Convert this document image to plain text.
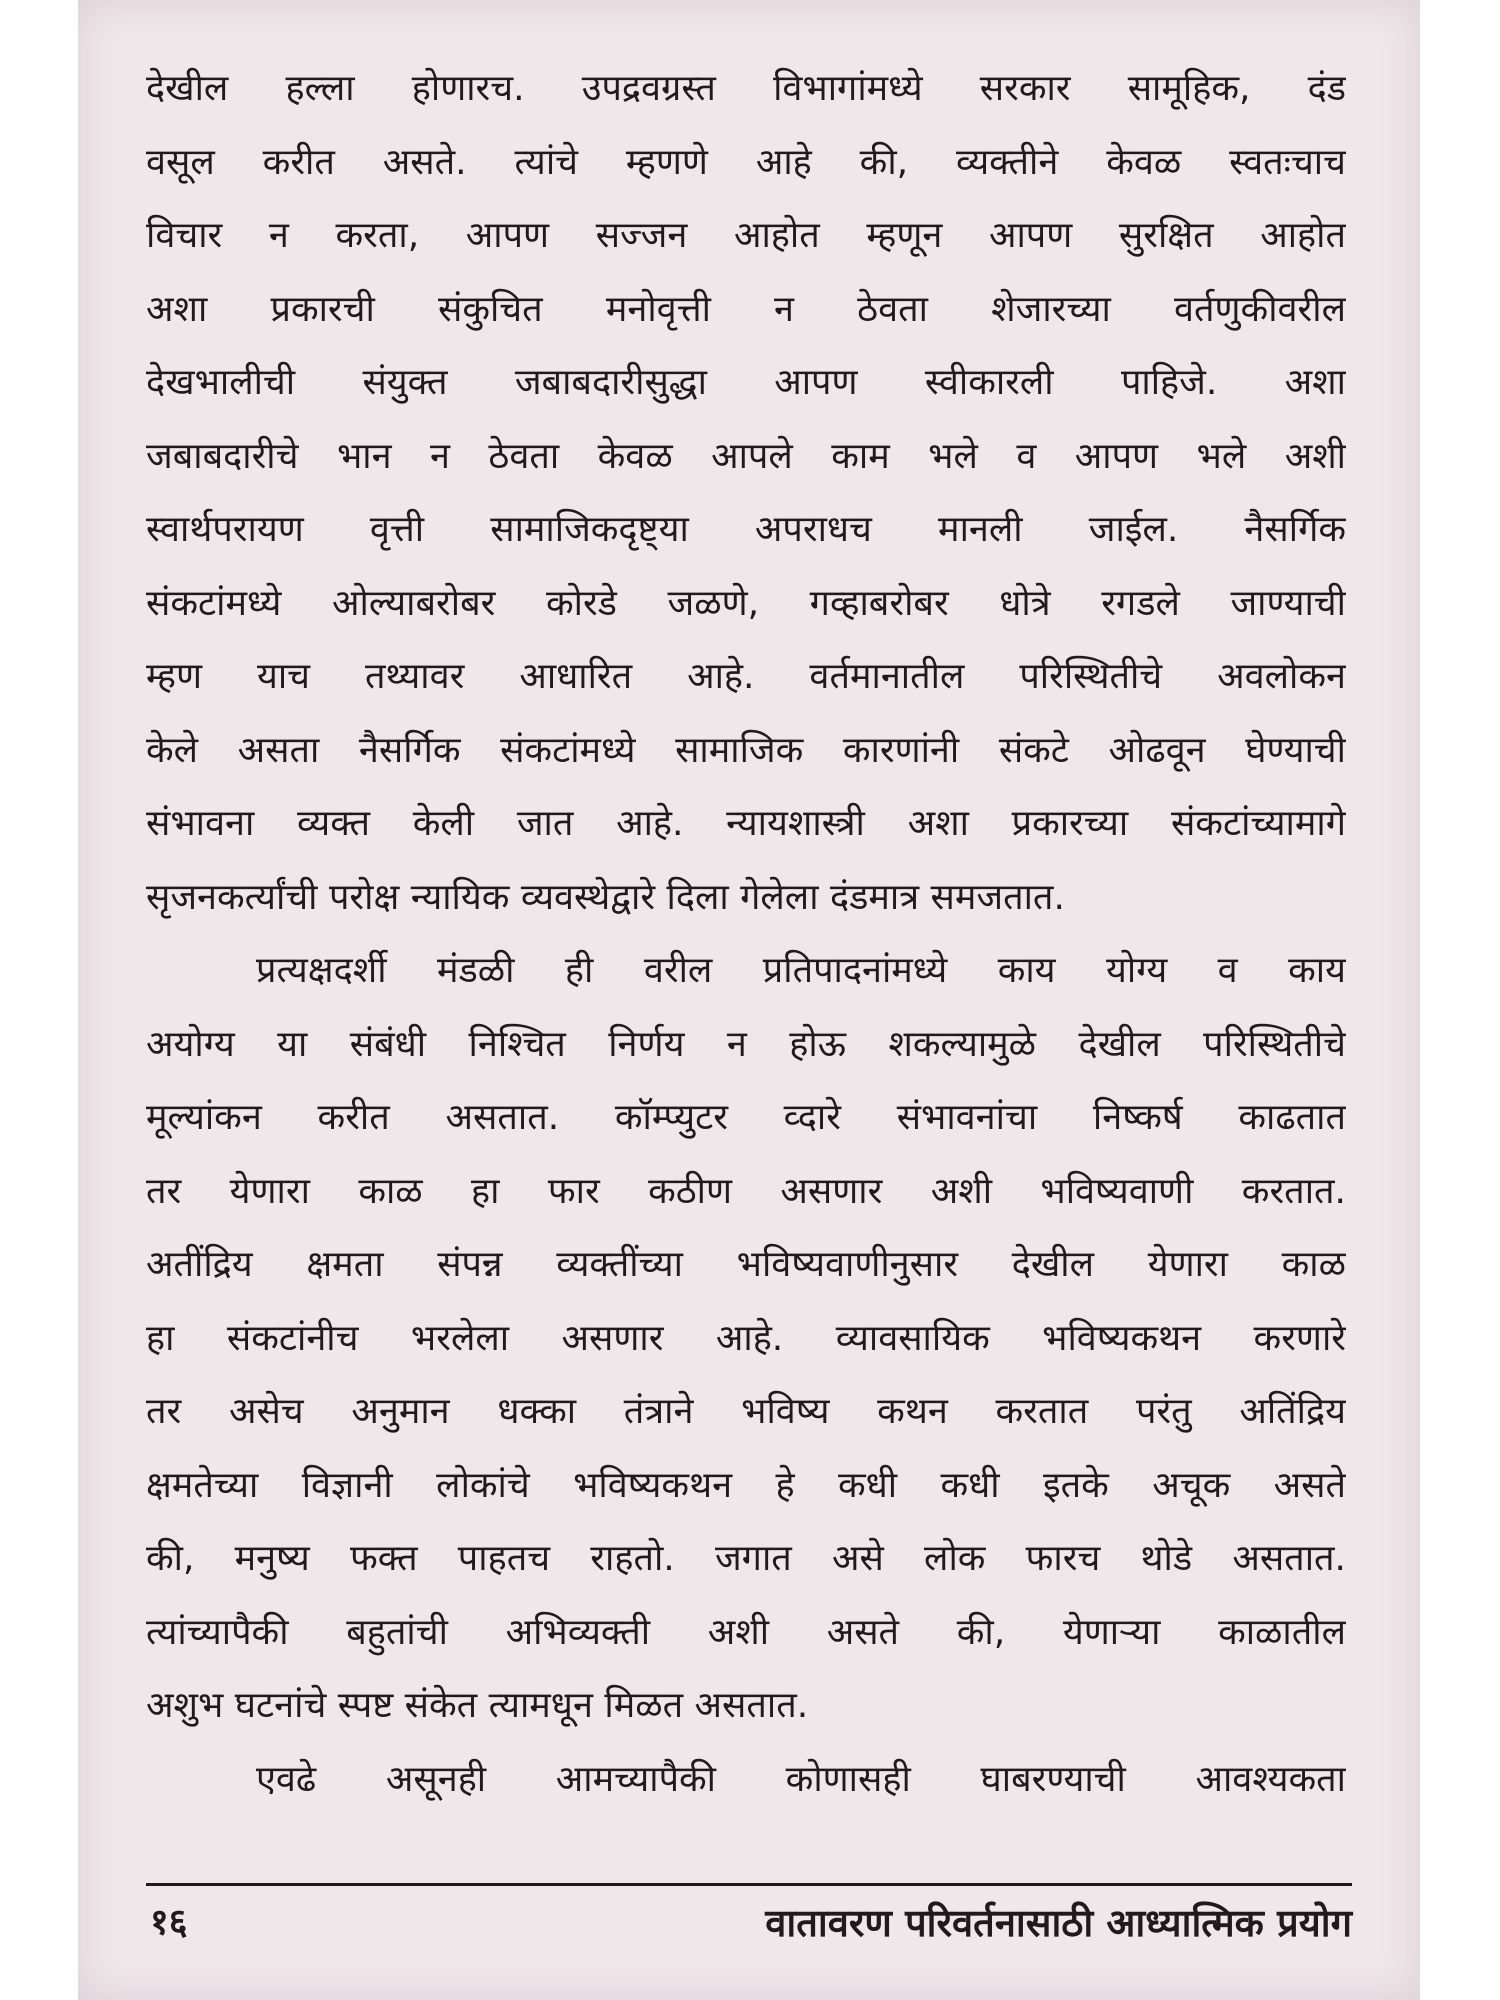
देखील हल्ला होणारच. उपद्रवग्रस्त विभागांमध्ये सरकार सामूहिक, दंड
वसूल करीत असते. त्यांचे म्हणणे आहे की, व्यक्तीने केवळ स्वतःचाच
विचार न करता, आपण सज्जन आहोत म्हणून आपण सुरक्षित आहोत
अशा प्रकारची संकुचित मनोवृत्ती न ठेवता शेजारच्या वर्तणुकीवरील
देखभालीची संयुक्त जबाबदारीसुद्धा आपण स्वीकारली पाहिजे. अशा
जबाबदारीचे भान न ठेवता केवळ आपले काम भले व आपण भले अशी
स्वार्थपरायण वृत्ती सामाजिकदृष्ट्या अपराधच मानली जाईल. नैसर्गिक
संकटांमध्ये ओल्याबरोबर कोरडे जळणे, गव्हाबरोबर धोत्रे रगडले जाण्याची
म्हण याच तथ्यावर आधारित आहे. वर्तमानातील परिस्थितीचे अवलोकन
केले असता नैसर्गिक संकटांमध्ये सामाजिक कारणांनी संकटे ओढवून घेण्याची
संभावना व्यक्त केली जात आहे. न्यायशास्त्री अशा प्रकारच्या संकटांच्यामागे
सृजनकर्त्यांची परोक्ष न्यायिक व्यवस्थेद्वारे दिला गेलेला दंडमात्र समजतात.
प्रत्यक्षदर्शी मंडळी ही वरील प्रतिपादनांमध्ये काय योग्य व काय
अयोग्य या संबंधी निश्चित निर्णय न होऊ शकल्यामुळे देखील परिस्थितीचे
मूल्यांकन करीत असतात. कॉम्प्युटर व्दारे संभावनांचा निष्कर्ष काढतात
तर येणारा काळ हा फार कठीण असणार अशी भविष्यवाणी करतात.
अतींद्रिय क्षमता संपन्न व्यक्तींच्या भविष्यवाणीनुसार देखील येणारा काळ
हा संकटांनीच भरलेला असणार आहे. व्यावसायिक भविष्यकथन करणारे
तर असेच अनुमान धक्का तंत्राने भविष्य कथन करतात परंतु अतिंद्रिय
क्षमतेच्या विज्ञानी लोकांचे भविष्यकथन हे कधी कधी इतके अचूक असते
की, मनुष्य फक्त पाहतच राहतो. जगात असे लोक फारच थोडे असतात.
त्यांच्यापैकी बहुतांची अभिव्यक्ती अशी असते की, येणाऱ्या काळातील
अशुभ घटनांचे स्पष्ट संकेत त्यामधून मिळत असतात.
एवढे असूनही आमच्यापैकी कोणासही घाबरण्याची आवश्यकता
१६	वातावरण परिवर्तनासाठी आध्यात्मिक प्रयोग
